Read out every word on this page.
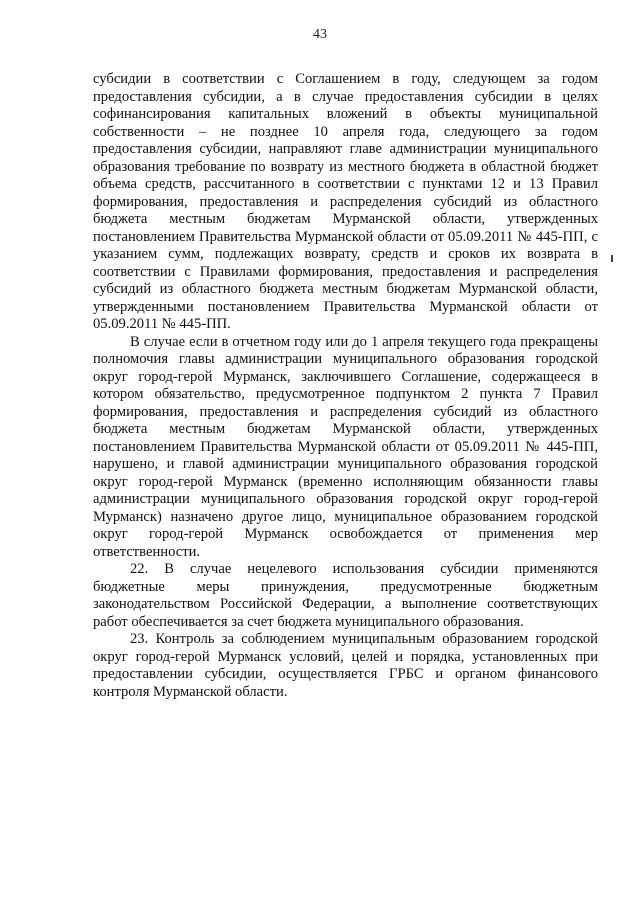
43

субсидии в соответствии с Соглашением в году, следующем за годом предоставления субсидии, а в случае предоставления субсидии в целях софинансирования капитальных вложений в объекты муниципальной собственности – не позднее 10 апреля года, следующего за годом предоставления субсидии, направляют главе администрации муниципального образования требование по возврату из местного бюджета в областной бюджет объема средств, рассчитанного в соответствии с пунктами 12 и 13 Правил формирования, предоставления и распределения субсидий из областного бюджета местным бюджетам Мурманской области, утвержденных постановлением Правительства Мурманской области от 05.09.2011 № 445-ПП, с указанием сумм, подлежащих возврату, средств и сроков их возврата в соответствии с Правилами формирования, предоставления и распределения субсидий из областного бюджета местным бюджетам Мурманской области, утвержденными постановлением Правительства Мурманской области от 05.09.2011 № 445-ПП.

В случае если в отчетном году или до 1 апреля текущего года прекращены полномочия главы администрации муниципального образования городской округ город-герой Мурманск, заключившего Соглашение, содержащееся в котором обязательство, предусмотренное подпунктом 2 пункта 7 Правил формирования, предоставления и распределения субсидий из областного бюджета местным бюджетам Мурманской области, утвержденных постановлением Правительства Мурманской области от 05.09.2011 № 445-ПП, нарушено, и главой администрации муниципального образования городской округ город-герой Мурманск (временно исполняющим обязанности главы администрации муниципального образования городской округ город-герой Мурманск) назначено другое лицо, муниципальное образованием городской округ город-герой Мурманск освобождается от применения мер ответственности.

22. В случае нецелевого использования субсидии применяются бюджетные меры принуждения, предусмотренные бюджетным законодательством Российской Федерации, а выполнение соответствующих работ обеспечивается за счет бюджета муниципального образования.

23. Контроль за соблюдением муниципальным образованием городской округ город-герой Мурманск условий, целей и порядка, установленных при предоставлении субсидии, осуществляется ГРБС и органом финансового контроля Мурманской области.
